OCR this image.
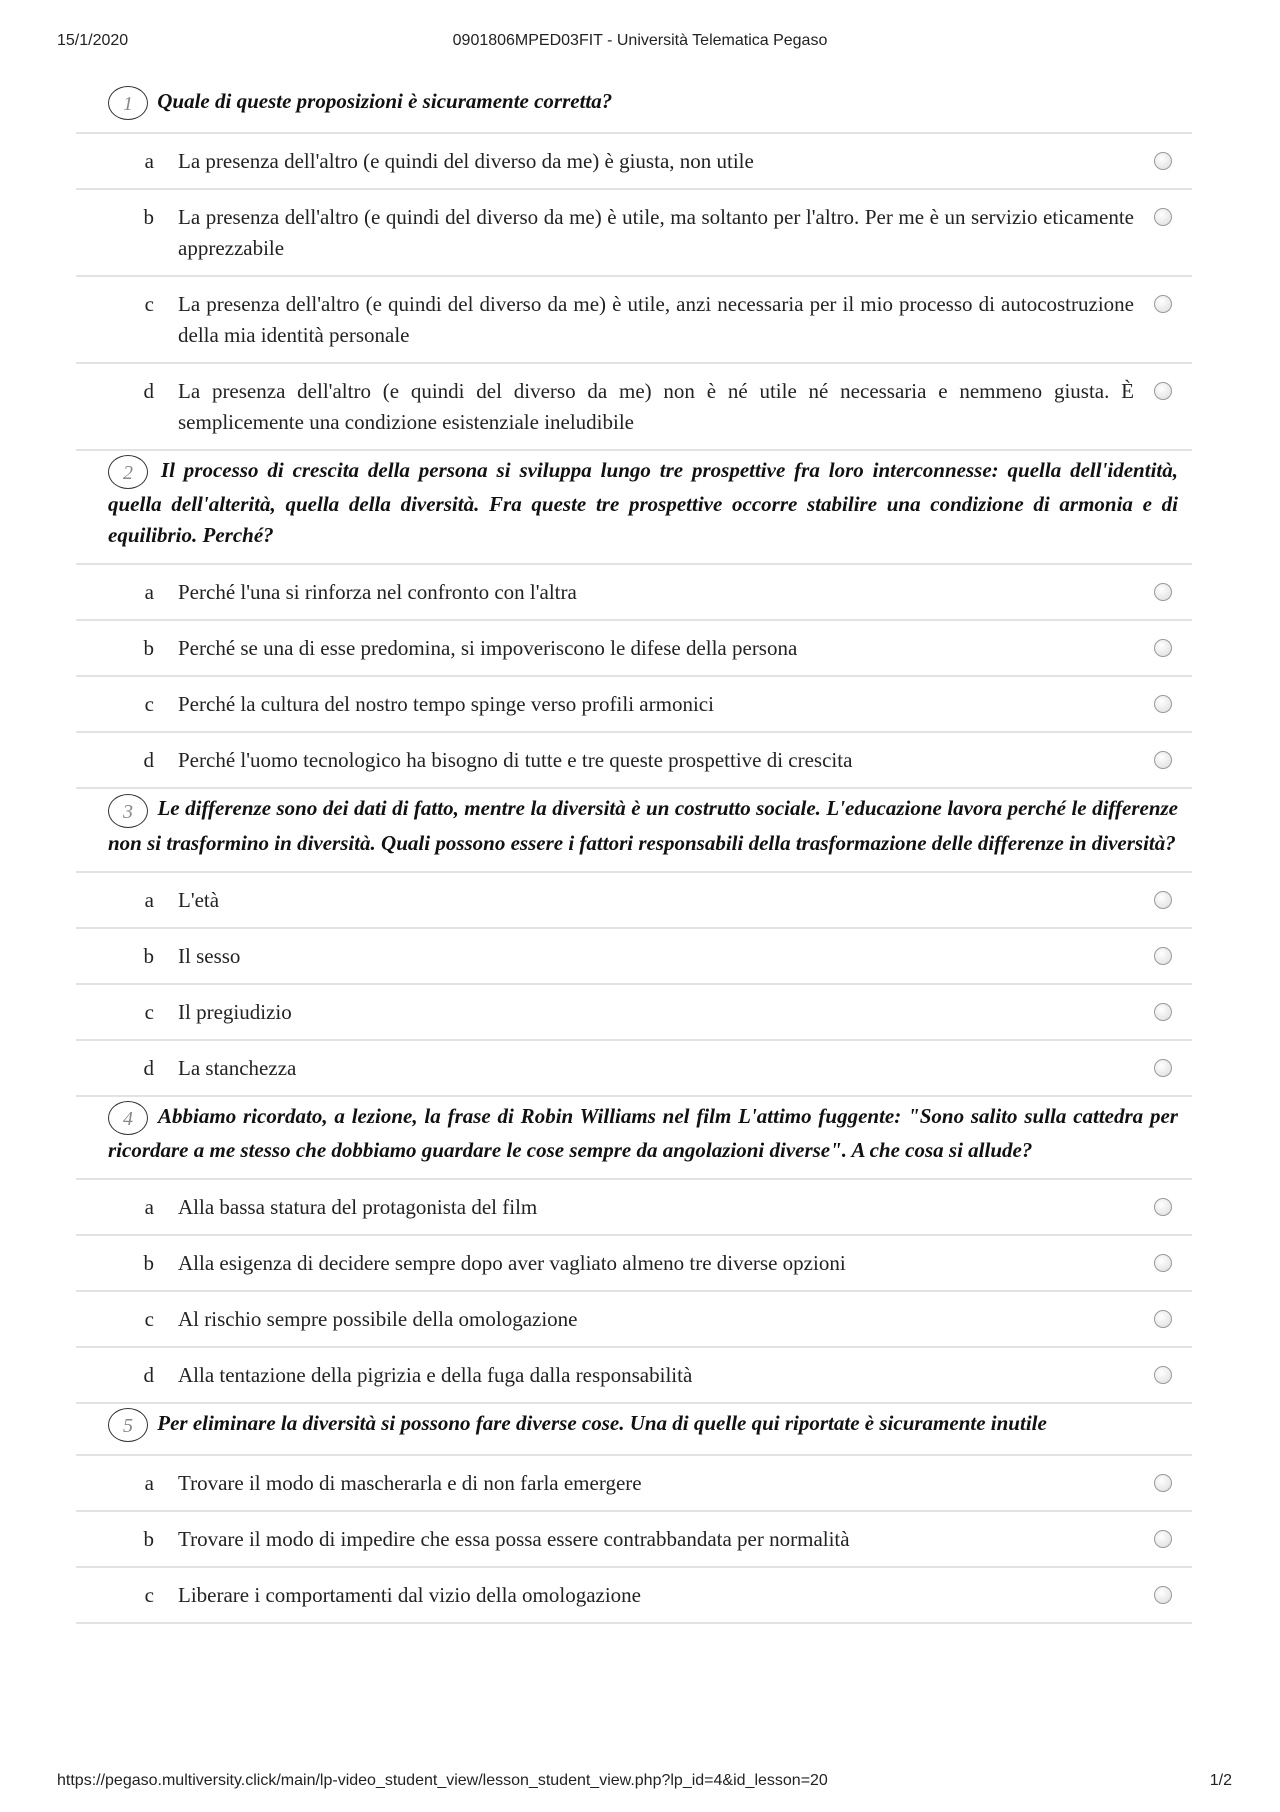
15/1/2020	0901806MPED03FIT - Università Telematica Pegaso
1 Quale di queste proposizioni è sicuramente corretta?
a	La presenza dell'altro (e quindi del diverso da me) è giusta, non utile
b	La presenza dell'altro (e quindi del diverso da me) è utile, ma soltanto per l'altro. Per me è un servizio eticamente apprezzabile
c	La presenza dell'altro (e quindi del diverso da me) è utile, anzi necessaria per il mio processo di autocostruzione della mia identità personale
d	La presenza dell'altro (e quindi del diverso da me) non è né utile né necessaria e nemmeno giusta. È semplicemente una condizione esistenziale ineludibile
2 Il processo di crescita della persona si sviluppa lungo tre prospettive fra loro interconnesse: quella dell'identità, quella dell'alterità, quella della diversità. Fra queste tre prospettive occorre stabilire una condizione di armonia e di equilibrio. Perché?
a	Perché l'una si rinforza nel confronto con l'altra
b	Perché se una di esse predomina, si impoveriscono le difese della persona
c	Perché la cultura del nostro tempo spinge verso profili armonici
d	Perché l'uomo tecnologico ha bisogno di tutte e tre queste prospettive di crescita
3 Le differenze sono dei dati di fatto, mentre la diversità è un costrutto sociale. L'educazione lavora perché le differenze non si trasformino in diversità. Quali possono essere i fattori responsabili della trasformazione delle differenze in diversità?
a	L'età
b	Il sesso
c	Il pregiudizio
d	La stanchezza
4 Abbiamo ricordato, a lezione, la frase di Robin Williams nel film L'attimo fuggente: "Sono salito sulla cattedra per ricordare a me stesso che dobbiamo guardare le cose sempre da angolazioni diverse". A che cosa si allude?
a	Alla bassa statura del protagonista del film
b	Alla esigenza di decidere sempre dopo aver vagliato almeno tre diverse opzioni
c	Al rischio sempre possibile della omologazione
d	Alla tentazione della pigrizia e della fuga dalla responsabilità
5 Per eliminare la diversità si possono fare diverse cose. Una di quelle qui riportate è sicuramente inutile
a	Trovare il modo di mascherarla e di non farla emergere
b	Trovare il modo di impedire che essa possa essere contrabbandata per normalità
c	Liberare i comportamenti dal vizio della omologazione
https://pegaso.multiversity.click/main/lp-video_student_view/lesson_student_view.php?lp_id=4&id_lesson=20	1/2
